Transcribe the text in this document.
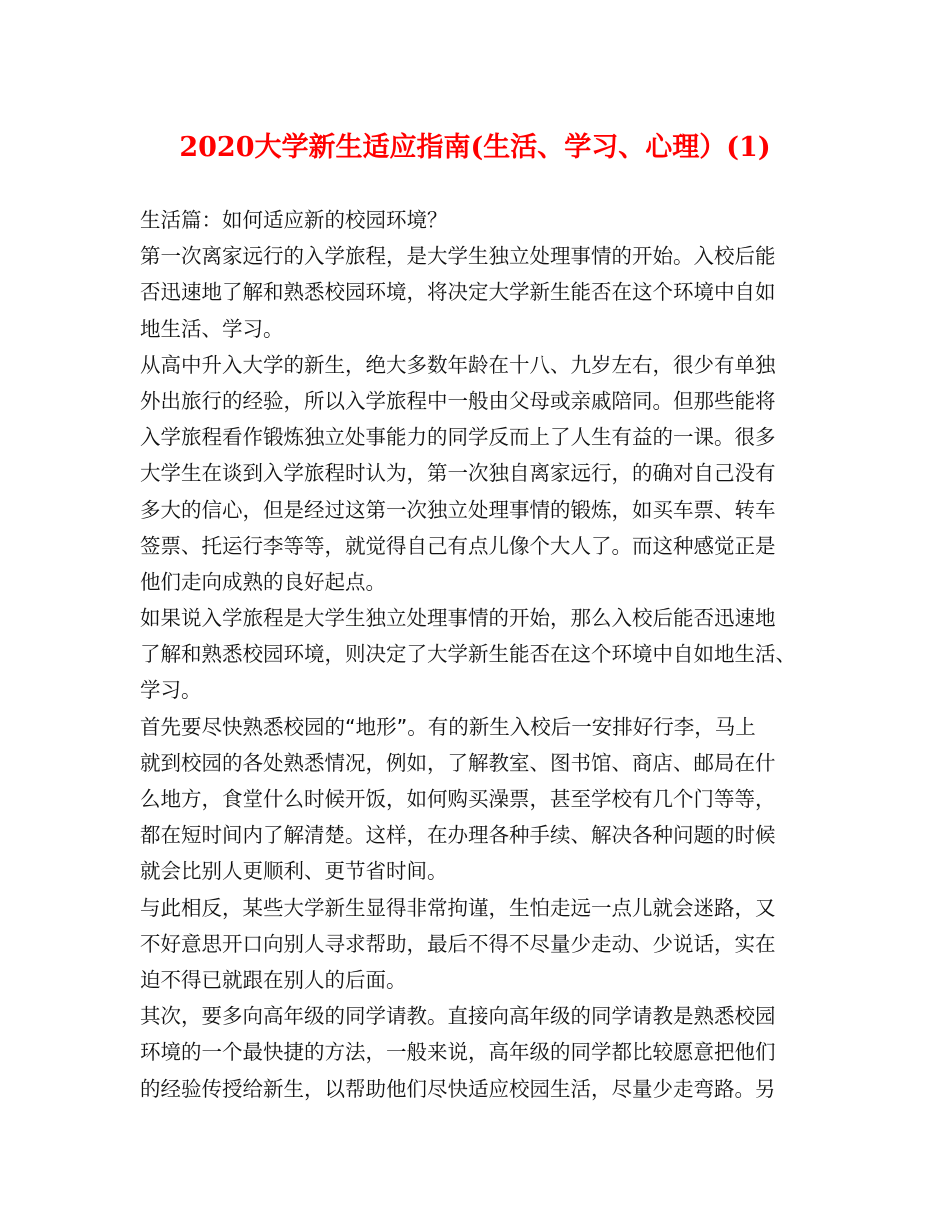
2020大学新生适应指南(生活、学习、心理）(1)
生活篇：如何适应新的校园环境？
第一次离家远行的入学旅程，是大学生独立处理事情的开始。入校后能
否迅速地了解和熟悉校园环境，将决定大学新生能否在这个环境中自如
地生活、学习。
从高中升入大学的新生，绝大多数年龄在十八、九岁左右，很少有单独
外出旅行的经验，所以入学旅程中一般由父母或亲戚陪同。但那些能将
入学旅程看作锻炼独立处事能力的同学反而上了人生有益的一课。很多
大学生在谈到入学旅程时认为，第一次独自离家远行，的确对自己没有
多大的信心，但是经过这第一次独立处理事情的锻炼，如买车票、转车
签票、托运行李等等，就觉得自己有点儿像个大人了。而这种感觉正是
他们走向成熟的良好起点。
如果说入学旅程是大学生独立处理事情的开始，那么入校后能否迅速地
了解和熟悉校园环境，则决定了大学新生能否在这个环境中自如地生活、
学习。
首先要尽快熟悉校园的“地形”。有的新生入校后一安排好行李，马上
就到校园的各处熟悉情况，例如，了解教室、图书馆、商店、邮局在什
么地方，食堂什么时候开饭，如何购买澡票，甚至学校有几个门等等，
都在短时间内了解清楚。这样，在办理各种手续、解决各种问题的时候
就会比别人更顺利、更节省时间。
与此相反，某些大学新生显得非常拘谨，生怕走远一点儿就会迷路，又
不好意思开口向别人寻求帮助，最后不得不尽量少走动、少说话，实在
迫不得已就跟在别人的后面。
其次，要多向高年级的同学请教。直接向高年级的同学请教是熟悉校园
环境的一个最快捷的方法，一般来说，高年级的同学都比较愿意把他们
的经验传授给新生，以帮助他们尽快适应校园生活，尽量少走弯路。另
